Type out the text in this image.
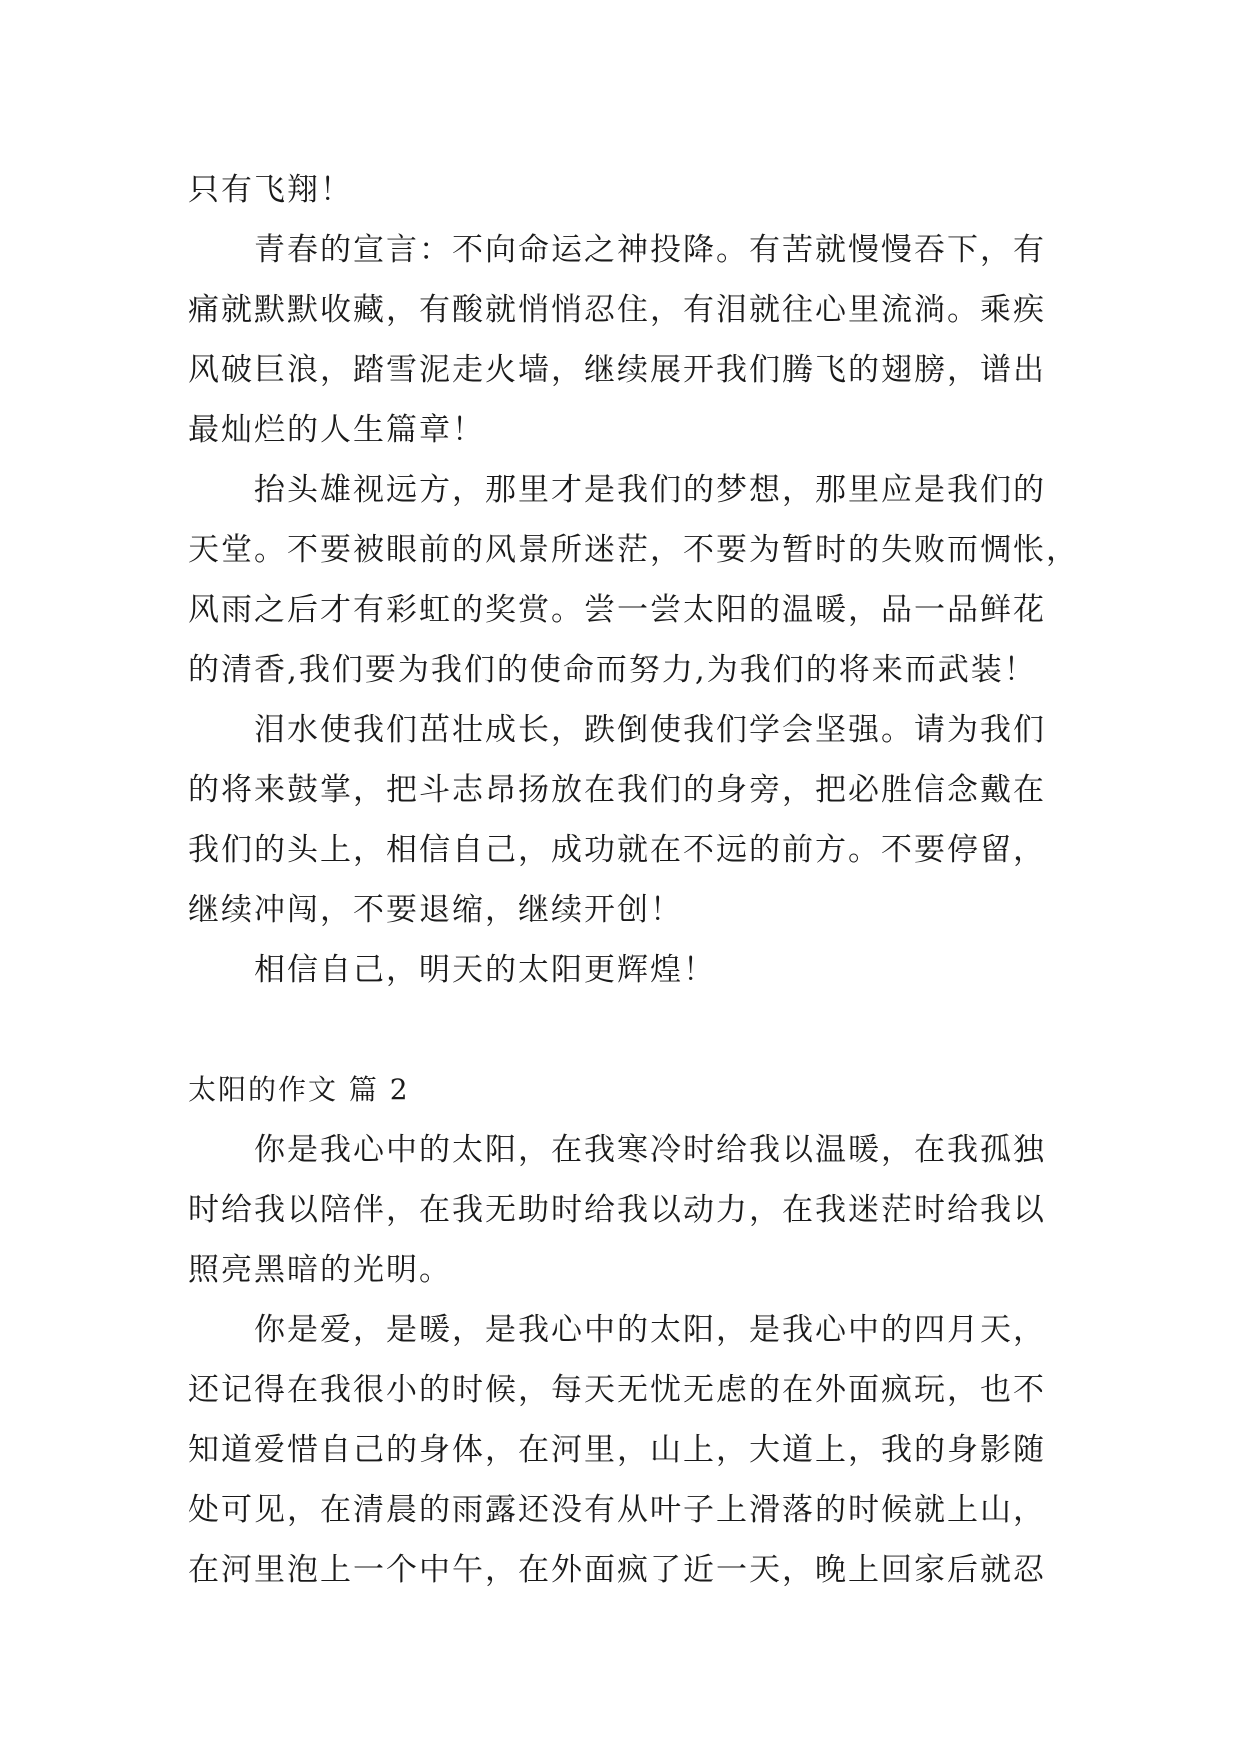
只有飞翔！
青春的宣言：不向命运之神投降。有苦就慢慢吞下，有
痛就默默收藏，有酸就悄悄忍住，有泪就往心里流淌。乘疾
风破巨浪，踏雪泥走火墙，继续展开我们腾飞的翅膀，谱出
最灿烂的人生篇章！
抬头雄视远方，那里才是我们的梦想，那里应是我们的
天堂。不要被眼前的风景所迷茫，不要为暂时的失败而惆怅，
风雨之后才有彩虹的奖赏。尝一尝太阳的温暖，品一品鲜花
的清香,我们要为我们的使命而努力,为我们的将来而武装！
泪水使我们茁壮成长，跌倒使我们学会坚强。请为我们
的将来鼓掌，把斗志昂扬放在我们的身旁，把必胜信念戴在
我们的头上，相信自己，成功就在不远的前方。不要停留，
继续冲闯，不要退缩，继续开创！
相信自己，明天的太阳更辉煌！
太阳的作文 篇 2
你是我心中的太阳，在我寒冷时给我以温暖，在我孤独
时给我以陪伴，在我无助时给我以动力，在我迷茫时给我以
照亮黑暗的光明。
你是爱，是暖，是我心中的太阳，是我心中的四月天，
还记得在我很小的时候，每天无忧无虑的在外面疯玩，也不
知道爱惜自己的身体，在河里，山上，大道上，我的身影随
处可见，在清晨的雨露还没有从叶子上滑落的时候就上山，
在河里泡上一个中午，在外面疯了近一天，晚上回家后就忍
